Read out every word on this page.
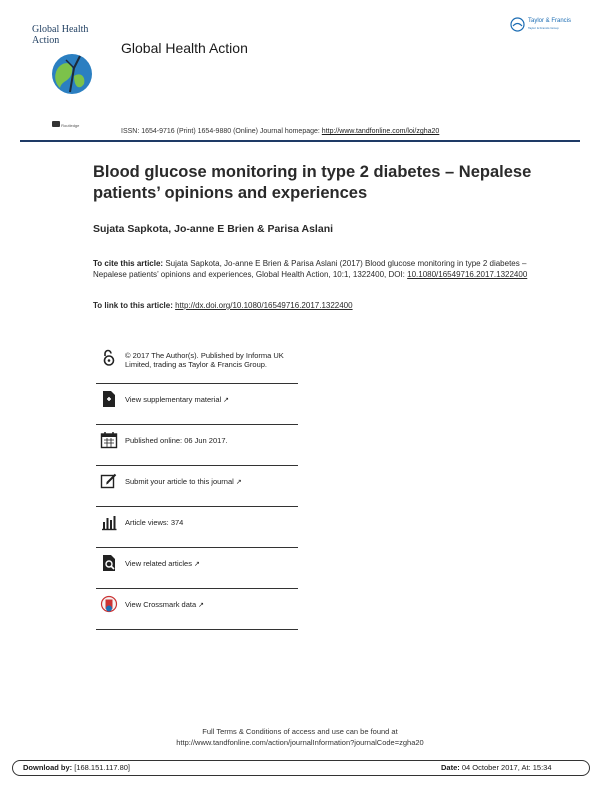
Global Health Action
Routledge
Global Health Action
Taylor & Francis
Taylor & Francis Group
ISSN: 1654-9716 (Print) 1654-9880 (Online) Journal homepage: http://www.tandfonline.com/loi/zgha20
Blood glucose monitoring in type 2 diabetes – Nepalese patients’ opinions and experiences
Sujata Sapkota, Jo-anne E Brien & Parisa Aslani
To cite this article: Sujata Sapkota, Jo-anne E Brien & Parisa Aslani (2017) Blood glucose monitoring in type 2 diabetes – Nepalese patients’ opinions and experiences, Global Health Action, 10:1, 1322400, DOI: 10.1080/16549716.2017.1322400
To link to this article: http://dx.doi.org/10.1080/16549716.2017.1322400
© 2017 The Author(s). Published by Informa UK Limited, trading as Taylor & Francis Group.
View supplementary material ↗
Published online: 06 Jun 2017.
Submit your article to this journal ↗
Article views: 374
View related articles ↗
View Crossmark data ↗
Full Terms & Conditions of access and use can be found at
http://www.tandfonline.com/action/journalInformation?journalCode=zgha20
Download by: [168.151.117.80]	Date: 04 October 2017, At: 15:34
